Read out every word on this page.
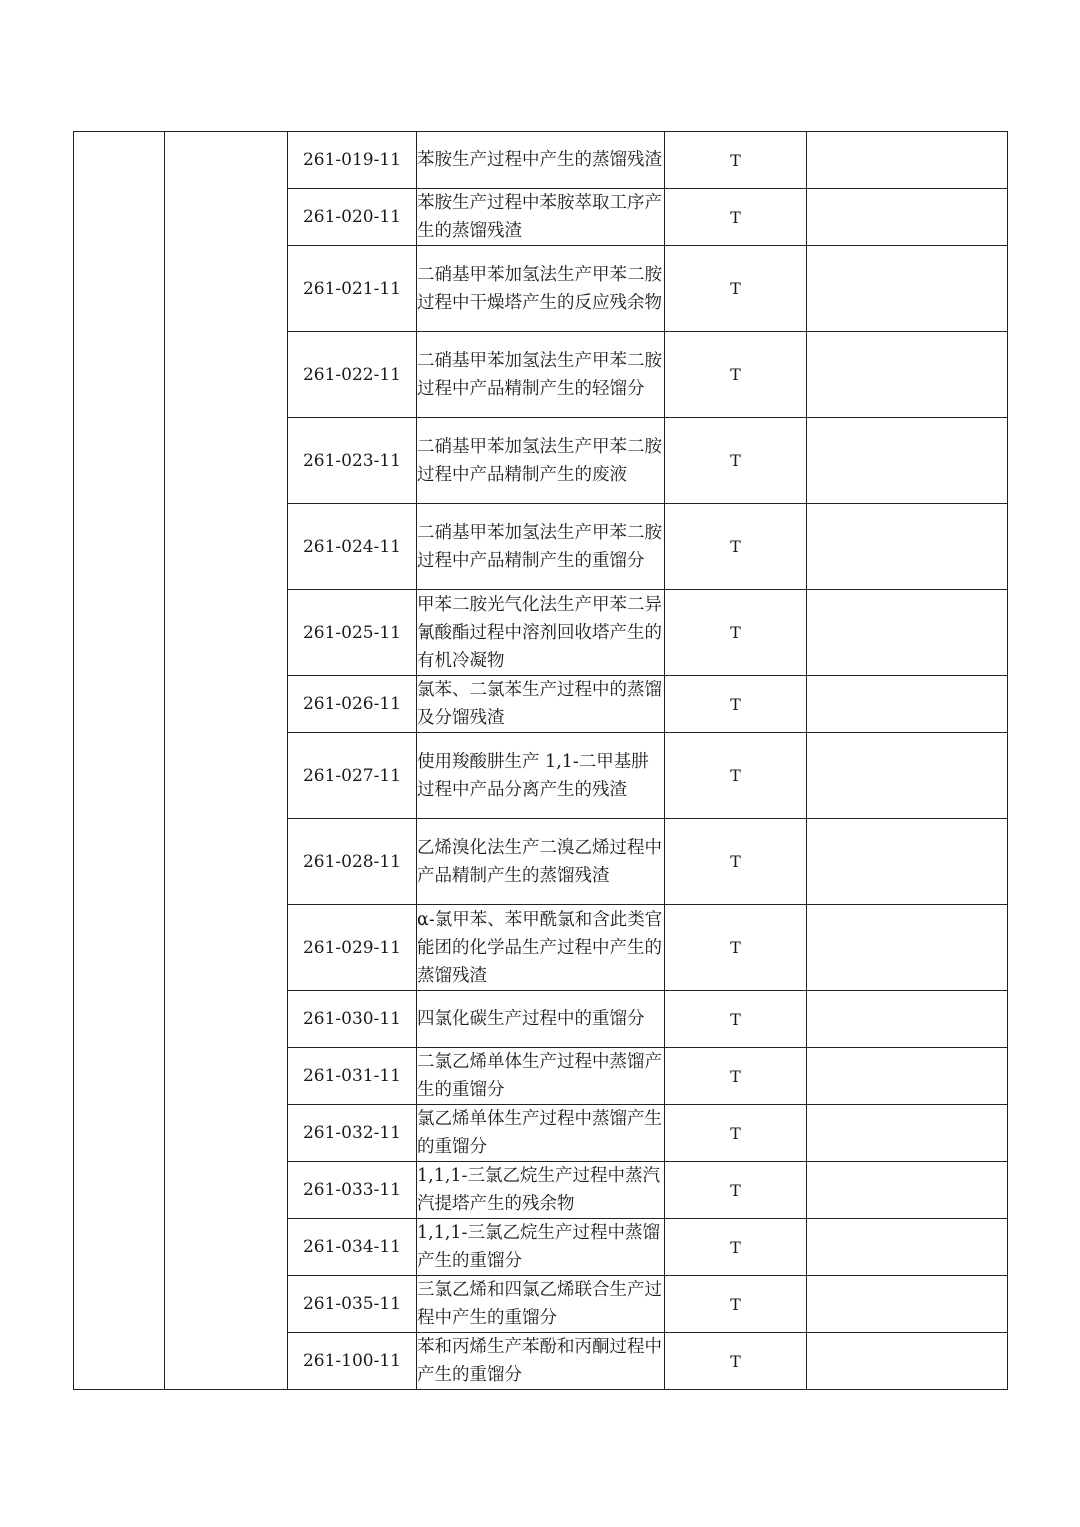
		261-019-11	苯胺生产过程中产生的蒸馏残渣	T	
		261-020-11	苯胺生产过程中苯胺萃取工序产生的蒸馏残渣	T	
		261-021-11	二硝基甲苯加氢法生产甲苯二胺过程中干燥塔产生的反应残余物	T	
		261-022-11	二硝基甲苯加氢法生产甲苯二胺过程中产品精制产生的轻馏分	T	
		261-023-11	二硝基甲苯加氢法生产甲苯二胺过程中产品精制产生的废液	T	
		261-024-11	二硝基甲苯加氢法生产甲苯二胺过程中产品精制产生的重馏分	T	
		261-025-11	甲苯二胺光气化法生产甲苯二异氰酸酯过程中溶剂回收塔产生的有机冷凝物	T	
		261-026-11	氯苯、二氯苯生产过程中的蒸馏及分馏残渣	T	
		261-027-11	使用羧酸肼生产 1,1-二甲基肼过程中产品分离产生的残渣	T	
		261-028-11	乙烯溴化法生产二溴乙烯过程中产品精制产生的蒸馏残渣	T	
		261-029-11	α-氯甲苯、苯甲酰氯和含此类官能团的化学品生产过程中产生的蒸馏残渣	T	
		261-030-11	四氯化碳生产过程中的重馏分	T	
		261-031-11	二氯乙烯单体生产过程中蒸馏产生的重馏分	T	
		261-032-11	氯乙烯单体生产过程中蒸馏产生的重馏分	T	
		261-033-11	1,1,1-三氯乙烷生产过程中蒸汽汽提塔产生的残余物	T	
		261-034-11	1,1,1-三氯乙烷生产过程中蒸馏产生的重馏分	T	
		261-035-11	三氯乙烯和四氯乙烯联合生产过程中产生的重馏分	T	
		261-100-11	苯和丙烯生产苯酚和丙酮过程中产生的重馏分	T	
